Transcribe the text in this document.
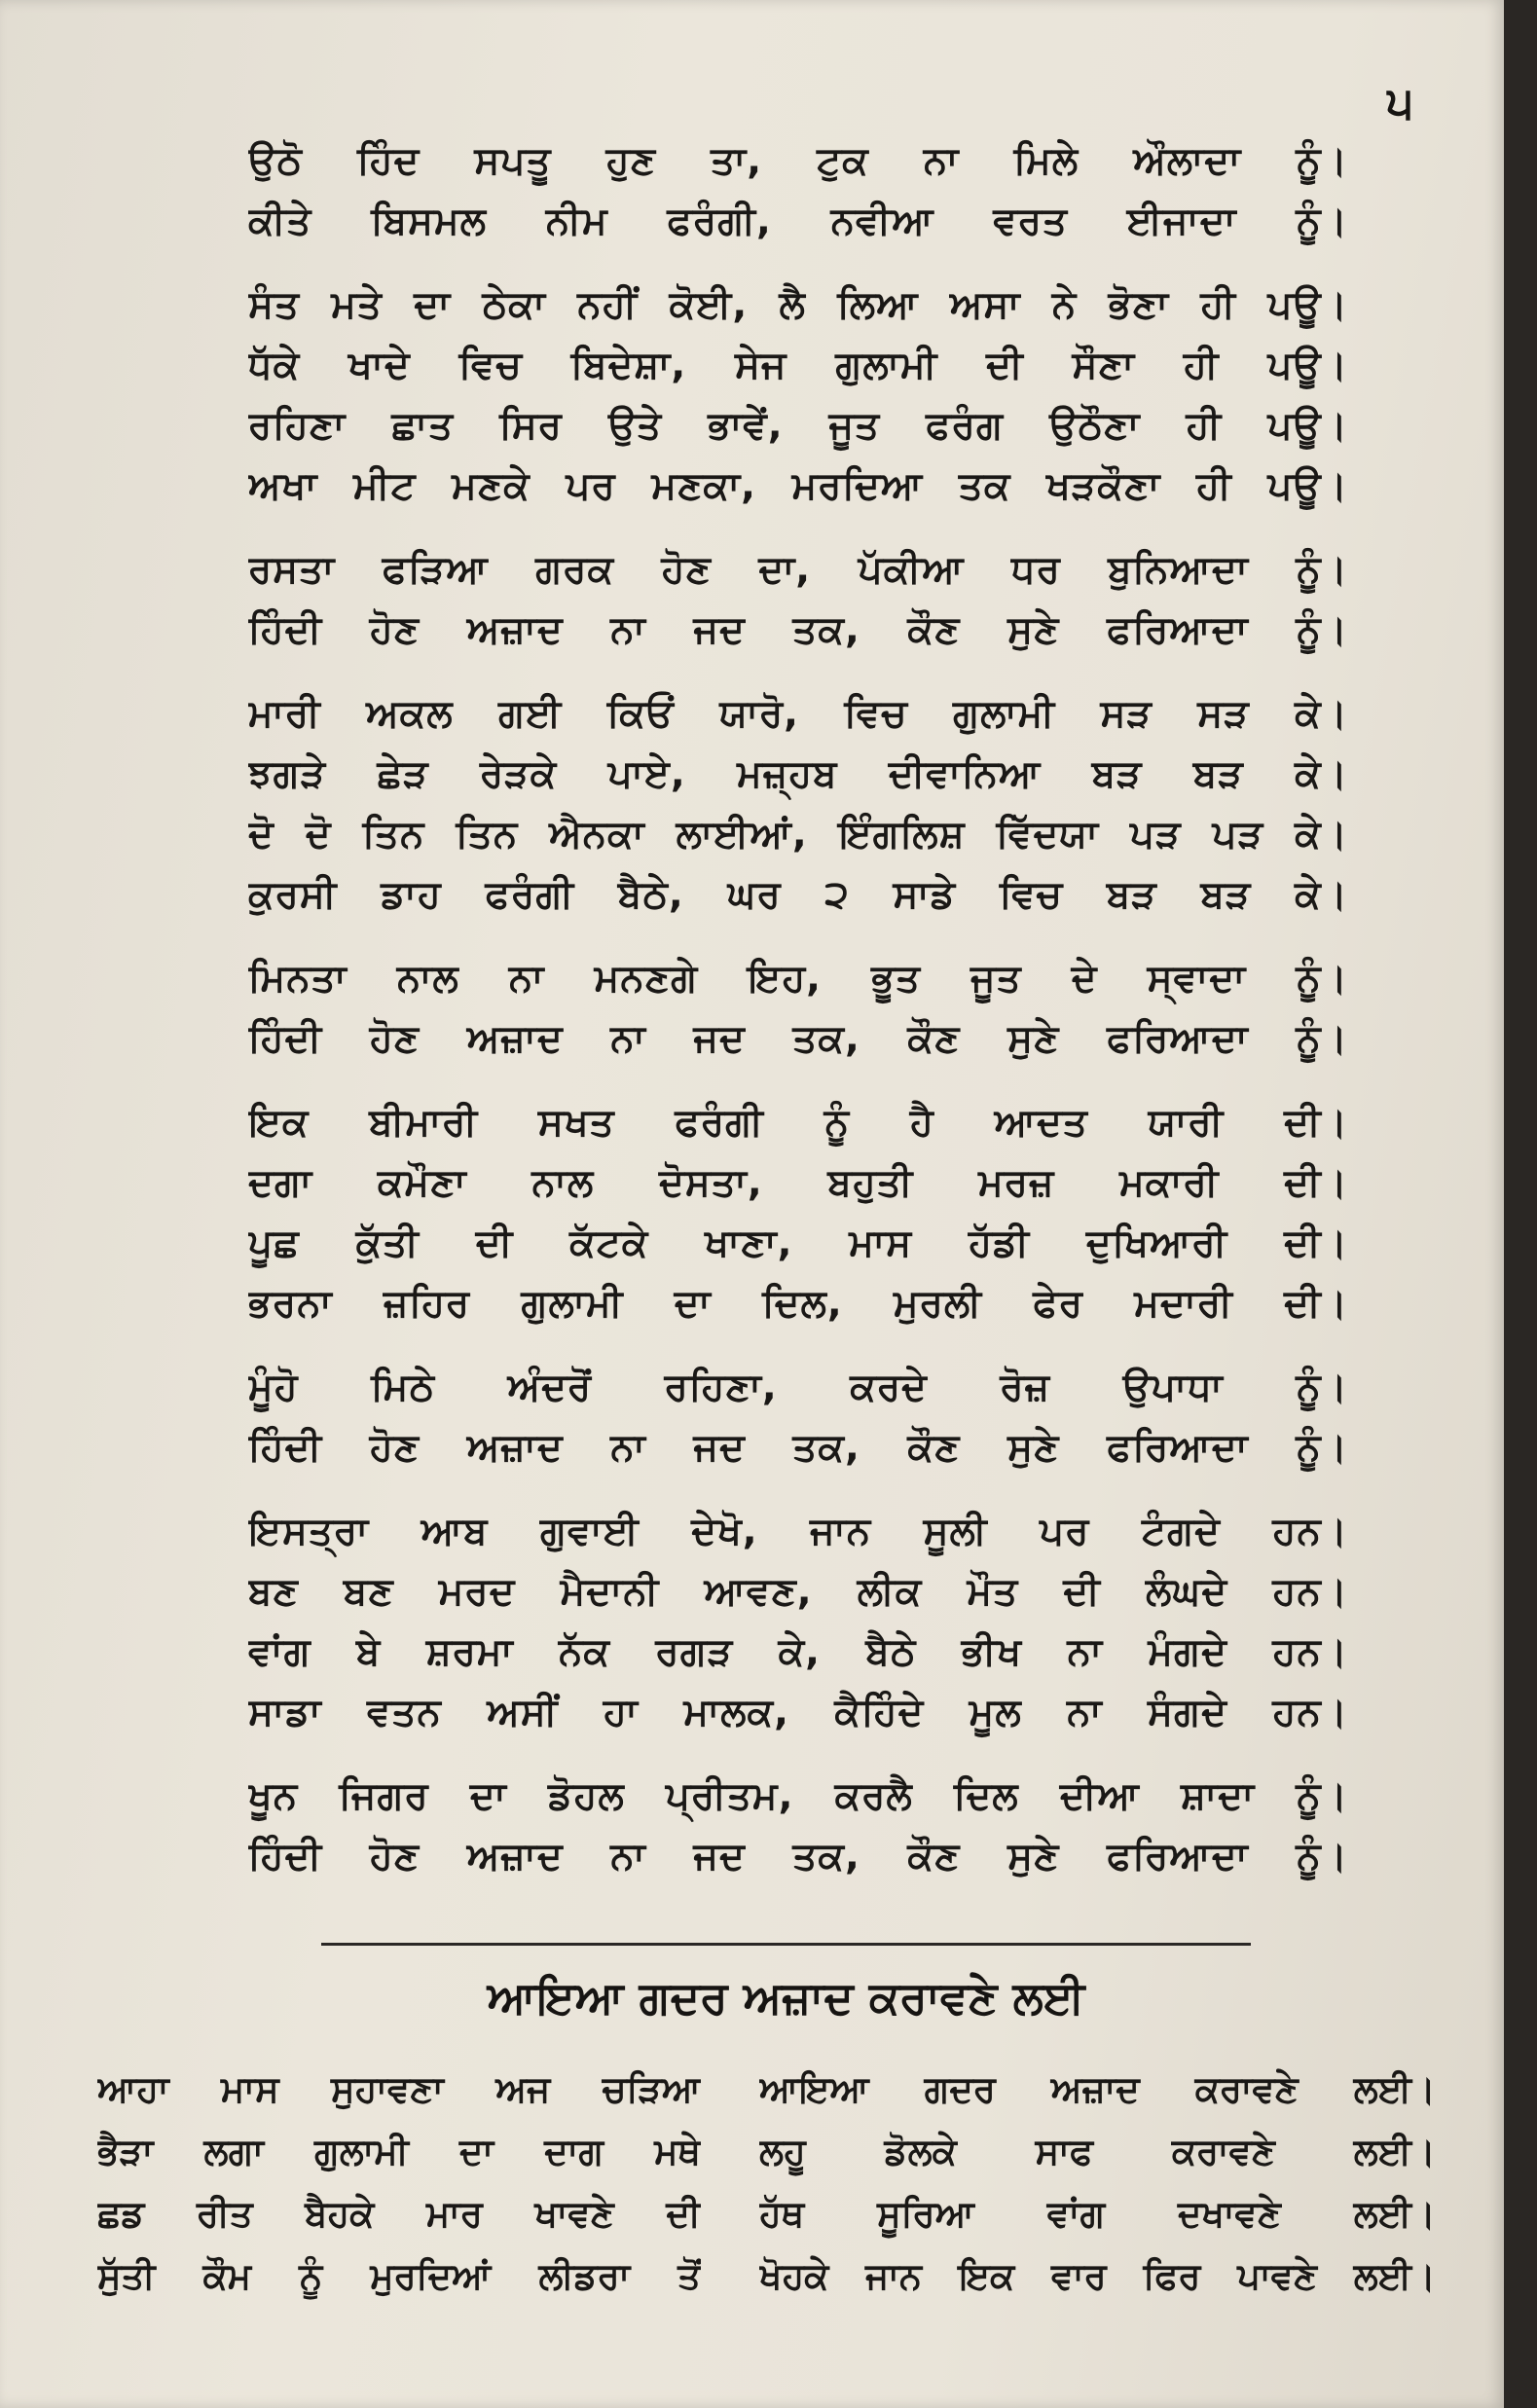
੫
ਉਠੋ ਹਿੰਦ ਸਪਤੂ ਹੁਣ ਤਾ, ਟੁਕ ਨਾ ਮਿਲੇ ਔਲਾਦਾ ਨੂੰ।
ਕੀਤੇ ਬਿਸਮਲ ਨੀਮ ਫਰੰਗੀ, ਨਵੀਆ ਵਰਤ ਈਜਾਦਾ ਨੂੰ।
ਸੰਤ ਮਤੇ ਦਾ ਠੇਕਾ ਨਹੀਂ ਕੋਈ, ਲੈ ਲਿਆ ਅਸਾ ਨੇ ਭੋਣਾ ਹੀ ਪਊ।
ਧੱਕੇ ਖਾਦੇ ਵਿਚ ਬਿਦੇਸ਼ਾ, ਸੇਜ ਗੁਲਾਮੀ ਦੀ ਸੌਣਾ ਹੀ ਪਊ।
ਰਹਿਣਾ ਛਾਤ ਸਿਰ ਉਤੇ ਭਾਵੇਂ, ਜੂਤ ਫਰੰਗ ਉਠੌਣਾ ਹੀ ਪਊ।
ਅਖਾ ਮੀਟ ਮਣਕੇ ਪਰ ਮਣਕਾ, ਮਰਦਿਆ ਤਕ ਖੜਕੌਣਾ ਹੀ ਪਊ।
ਰਸਤਾ ਫੜਿਆ ਗਰਕ ਹੋਣ ਦਾ, ਪੱਕੀਆ ਧਰ ਬੁਨਿਆਦਾ ਨੂੰ।
ਹਿੰਦੀ ਹੋਣ ਅਜ਼ਾਦ ਨਾ ਜਦ ਤਕ, ਕੌਣ ਸੁਣੇ ਫਰਿਆਦਾ ਨੂੰ।
ਮਾਰੀ ਅਕਲ ਗਈ ਕਿਓਂ ਯਾਰੋ, ਵਿਚ ਗੁਲਾਮੀ ਸੜ ਸੜ ਕੇ।
ਝਗੜੇ ਛੇੜ ਰੇੜਕੇ ਪਾਏ, ਮਜ਼੍ਹਬ ਦੀਵਾਨਿਆ ਬੜ ਬੜ ਕੇ।
ਦੋ ਦੋ ਤਿਨ ਤਿਨ ਐਨਕਾ ਲਾਈਆਂ, ਇੰਗਲਿਸ਼ ਵਿੱਦਯਾ ਪੜ ਪੜ ਕੇ।
ਕੁਰਸੀ ਡਾਹ ਫਰੰਗੀ ਬੈਠੇ, ਘਰ ੨ ਸਾਡੇ ਵਿਚ ਬੜ ਬੜ ਕੇ।
ਮਿਨਤਾ ਨਾਲ ਨਾ ਮਨਣਗੇ ਇਹ, ਭੂਤ ਜੂਤ ਦੇ ਸ੍ਵਾਦਾ ਨੂੰ।
ਹਿੰਦੀ ਹੋਣ ਅਜ਼ਾਦ ਨਾ ਜਦ ਤਕ, ਕੌਣ ਸੁਣੇ ਫਰਿਆਦਾ ਨੂੰ।
ਇਕ ਬੀਮਾਰੀ ਸਖਤ ਫਰੰਗੀ ਨੂੰ ਹੈ ਆਦਤ ਯਾਰੀ ਦੀ।
ਦਗਾ ਕਮੌਣਾ ਨਾਲ ਦੋਸਤਾ, ਬਹੁਤੀ ਮਰਜ਼ ਮਕਾਰੀ ਦੀ।
ਪੂਛ ਕੁੱਤੀ ਦੀ ਕੱਟਕੇ ਖਾਣਾ, ਮਾਸ ਹੱਡੀ ਦੁਖਿਆਰੀ ਦੀ।
ਭਰਨਾ ਜ਼ਹਿਰ ਗੁਲਾਮੀ ਦਾ ਦਿਲ, ਮੁਰਲੀ ਫੇਰ ਮਦਾਰੀ ਦੀ।
ਮੂੰਹੋ ਮਿਠੇ ਅੰਦਰੋਂ ਰਹਿਣਾ, ਕਰਦੇ ਰੋਜ਼ ਉਪਾਧਾ ਨੂੰ।
ਹਿੰਦੀ ਹੋਣ ਅਜ਼ਾਦ ਨਾ ਜਦ ਤਕ, ਕੌਣ ਸੁਣੇ ਫਰਿਆਦਾ ਨੂੰ।
ਇਸਤ੍ਰਾ ਆਬ ਗੁਵਾਈ ਦੇਖੋ, ਜਾਨ ਸੂਲੀ ਪਰ ਟੰਗਦੇ ਹਨ।
ਬਣ ਬਣ ਮਰਦ ਮੈਦਾਨੀ ਆਵਣ, ਲੀਕ ਮੌਤ ਦੀ ਲੰਘਦੇ ਹਨ।
ਵਾਂਗ ਬੇ ਸ਼ਰਮਾ ਨੱਕ ਰਗੜ ਕੇ, ਬੈਠੇ ਭੀਖ ਨਾ ਮੰਗਦੇ ਹਨ।
ਸਾਡਾ ਵਤਨ ਅਸੀਂ ਹਾ ਮਾਲਕ, ਕੈਹਿੰਦੇ ਮੂਲ ਨਾ ਸੰਗਦੇ ਹਨ।
ਖੂਨ ਜਿਗਰ ਦਾ ਡੋਹਲ ਪ੍ਰੀਤਮ, ਕਰਲੈ ਦਿਲ ਦੀਆ ਸ਼ਾਦਾ ਨੂੰ।
ਹਿੰਦੀ ਹੋਣ ਅਜ਼ਾਦ ਨਾ ਜਦ ਤਕ, ਕੌਣ ਸੁਣੇ ਫਰਿਆਦਾ ਨੂੰ।
ਆਇਆ ਗਦਰ ਅਜ਼ਾਦ ਕਰਾਵਣੇ ਲਈ
ਆਹਾ ਮਾਸ ਸੁਹਾਵਣਾ ਅਜ ਚੜਿਆ ਆਇਆ ਗਦਰ ਅਜ਼ਾਦ ਕਰਾਵਣੇ ਲਈ।
ਭੈੜਾ ਲਗਾ ਗੁਲਾਮੀ ਦਾ ਦਾਗ ਮਥੇ ਲਹੂ ਡੋਲਕੇ ਸਾਫ ਕਰਾਵਣੇ ਲਈ।
ਛਡ ਰੀਤ ਬੈਹਕੇ ਮਾਰ ਖਾਵਣੇ ਦੀ ਹੱਥ ਸੂਰਿਆ ਵਾਂਗ ਦਖਾਵਣੇ ਲਈ।
ਸੁੱਤੀ ਕੌਮ ਨੂੰ ਮੁਰਦਿਆਂ ਲੀਡਰਾ ਤੋਂ ਖੋਹਕੇ ਜਾਨ ਇਕ ਵਾਰ ਫਿਰ ਪਾਵਣੇ ਲਈ।
